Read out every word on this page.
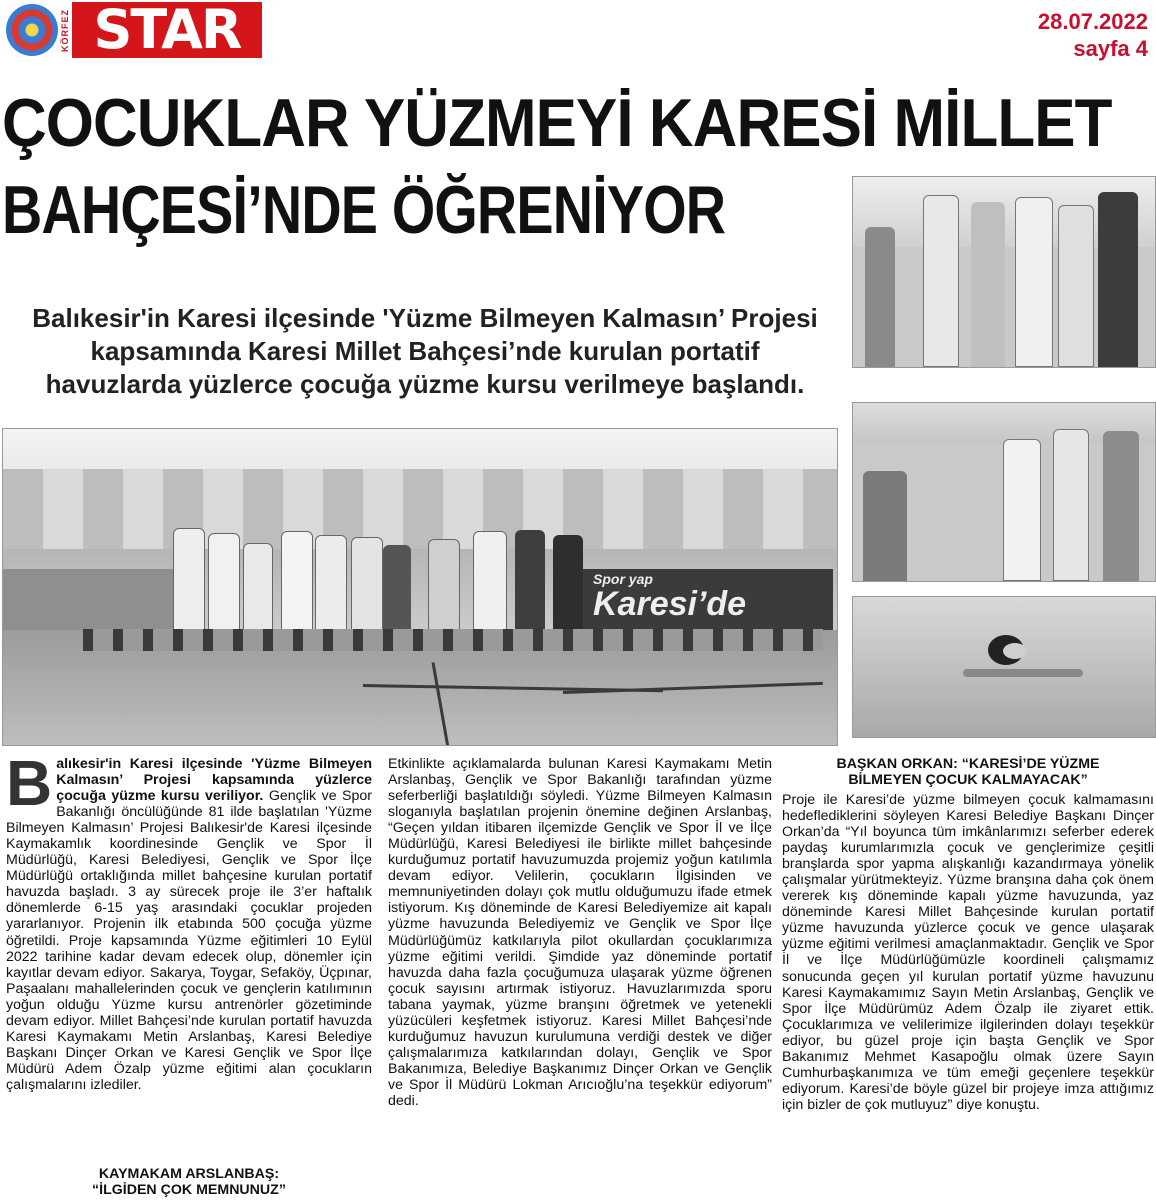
KÖRFEZ STAR	28.07.2022
sayfa 4
ÇOCUKLAR YÜZMEYİ KARESİ MİLLET
BAHÇESİ’NDE ÖĞRENİYOR
Balıkesir'in Karesi ilçesinde 'Yüzme Bilmeyen Kalmasın’ Projesi
kapsamında Karesi Millet Bahçesi’nde kurulan portatif
havuzlarda yüzlerce çocuğa yüzme kursu verilmeye başlandı.
Spor yap
Karesi’de
B alıkesir'in Karesi ilçesinde 'Yüzme Bilmeyen Kalmasın’ Projesi kapsamında yüzlerce çocuğa yüzme kursu veriliyor. Gençlik ve Spor Bakanlığı öncülüğünde 81 ilde başlatılan 'Yüzme Bilmeyen Kalmasın’ Projesi Balıkesir'de Karesi ilçesinde Kaymakamlık koordinesinde Gençlik ve Spor İl Müdürlüğü, Karesi Belediyesi, Gençlik ve Spor İlçe Müdürlüğü ortaklığında millet bahçesine kurulan portatif havuzda başladı. 3 ay sürecek proje ile 3’er haftalık dönemlerde 6-15 yaş arasındaki çocuklar projeden yararlanıyor. Projenin ilk etabında 500 çocuğa yüzme öğretildi. Proje kapsamında Yüzme eğitimleri 10 Eylül 2022 tarihine kadar devam edecek olup, dönemler için kayıtlar devam ediyor. Sakarya, Toygar, Sefaköy, Üçpınar, Paşaalanı mahallelerinden çocuk ve gençlerin katılımının yoğun olduğu Yüzme kursu antrenörler gözetiminde devam ediyor. Millet Bahçesi’nde kurulan portatif havuzda Karesi Kaymakamı Metin Arslanbaş, Karesi Belediye Başkanı Dinçer Orkan ve Karesi Gençlik ve Spor İlçe Müdürü Adem Özalp yüzme eğitimi alan çocukların çalışmalarını izlediler.
KAYMAKAM ARSLANBAŞ:
“İLGİDEN ÇOK MEMNUNUZ”
Etkinlikte açıklamalarda bulunan Karesi Kaymakamı Metin Arslanbaş, Gençlik ve Spor Bakanlığı tarafından yüzme seferberliği başlatıldığı söyledi. Yüzme Bilmeyen Kalmasın sloganıyla başlatılan projenin önemine değinen Arslanbaş, “Geçen yıldan itibaren ilçemizde Gençlik ve Spor İl ve İlçe Müdürlüğü, Karesi Belediyesi ile birlikte millet bahçesinde kurduğumuz portatif havuzumuzda projemiz yoğun katılımla devam ediyor. Velilerin, çocukların İlgisinden ve memnuniyetinden dolayı çok mutlu olduğumuzu ifade etmek istiyorum. Kış döneminde de Karesi Belediyemize ait kapalı yüzme havuzunda Belediyemiz ve Gençlik ve Spor İlçe Müdürlüğümüz katkılarıyla pilot okullardan çocuklarımıza yüzme eğitimi verildi. Şimdide yaz döneminde portatif havuzda daha fazla çocuğumuza ulaşarak yüzme öğrenen çocuk sayısını artırmak istiyoruz. Havuzlarımızda sporu tabana yaymak, yüzme branşını öğretmek ve yetenekli yüzücüleri keşfetmek istiyoruz. Karesi Millet Bahçesi’nde kurduğumuz havuzun kurulumuna verdiği destek ve diğer çalışmalarımıza katkılarından dolayı, Gençlik ve Spor Bakanımıza, Belediye Başkanımız Dinçer Orkan ve Gençlik ve Spor İl Müdürü Lokman Arıcıoğlu’na teşekkür ediyorum” dedi.
BAŞKAN ORKAN: “KARESİ’DE YÜZME
BİLMEYEN ÇOCUK KALMAYACAK”
Proje ile Karesi’de yüzme bilmeyen çocuk kalmamasını hedeflediklerini söyleyen Karesi Belediye Başkanı Dinçer Orkan’da “Yıl boyunca tüm imkânlarımızı seferber ederek paydaş kurumlarımızla çocuk ve gençlerimize çeşitli branşlarda spor yapma alışkanlığı kazandırmaya yönelik çalışmalar yürütmekteyiz. Yüzme branşına daha çok önem vererek kış döneminde kapalı yüzme havuzunda, yaz döneminde Karesi Millet Bahçesinde kurulan portatif yüzme havuzunda yüzlerce çocuk ve gence ulaşarak yüzme eğitimi verilmesi amaçlanmaktadır. Gençlik ve Spor İl ve İlçe Müdürlüğümüzle koordineli çalışmamız sonucunda geçen yıl kurulan portatif yüzme havuzunu Karesi Kaymakamımız Sayın Metin Arslanbaş, Gençlik ve Spor İlçe Müdürümüz Adem Özalp ile ziyaret ettik. Çocuklarımıza ve velilerimize ilgilerinden dolayı teşekkür ediyor, bu güzel proje için başta Gençlik ve Spor Bakanımız Mehmet Kasapoğlu olmak üzere Sayın Cumhurbaşkanımıza ve tüm emeği geçenlere teşekkür ediyorum. Karesi’de böyle güzel bir projeye imza attığımız için bizler de çok mutluyuz” diye konuştu.
